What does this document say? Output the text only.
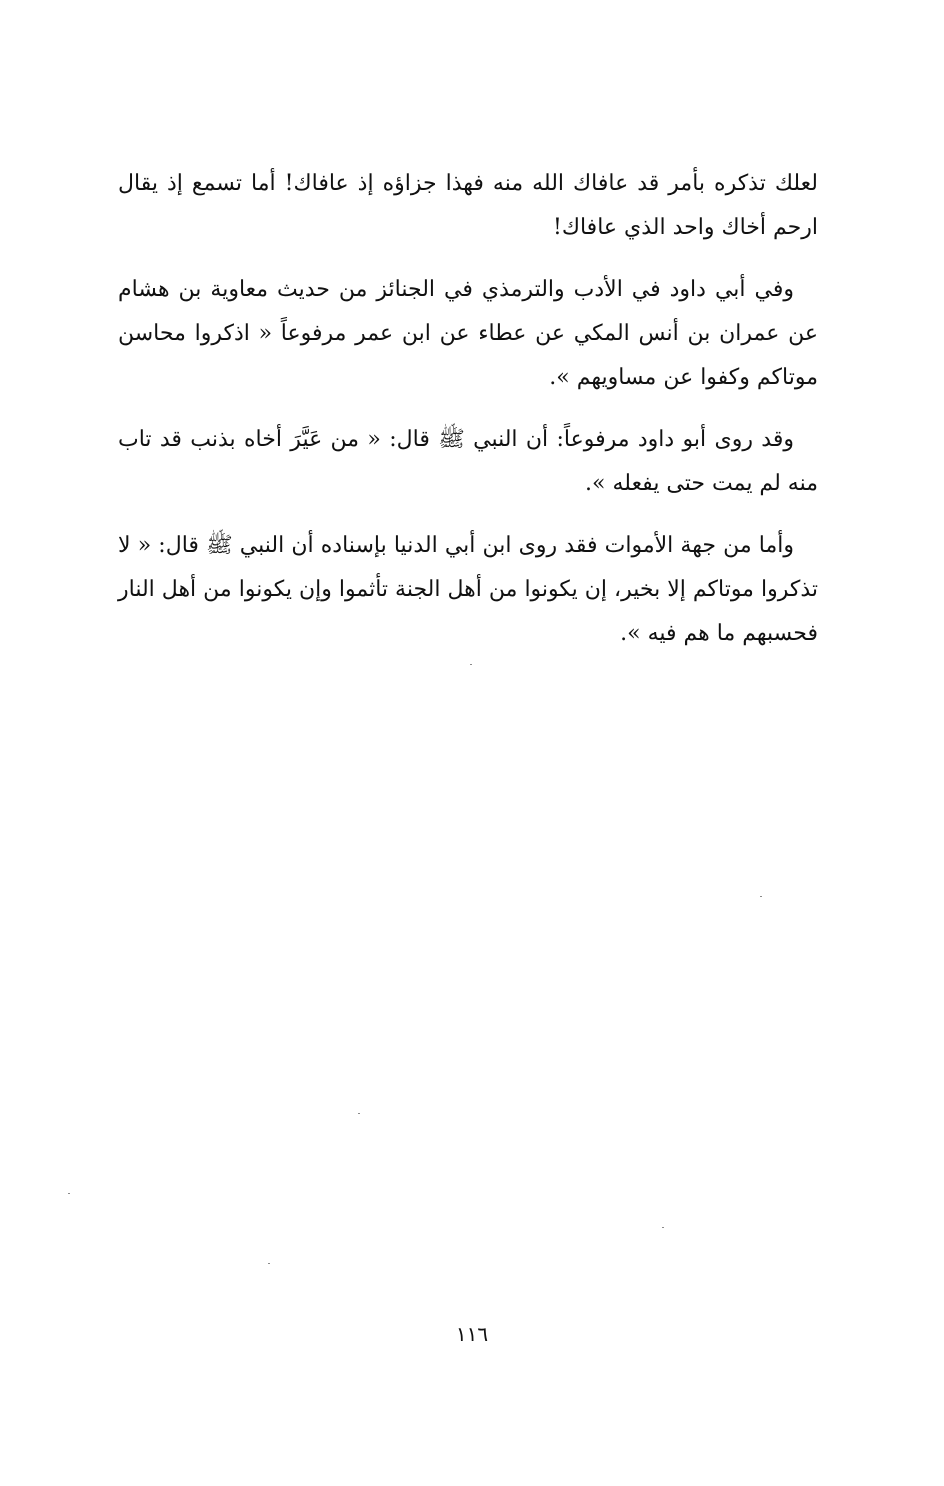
لعلك تذكره بأمر قد عافاك الله منه فهذا جزاؤه إذ عافاك! أما تسمع إذ يقال ارحم أخاك واحد الذي عافاك!

وفي أبي داود في الأدب والترمذي في الجنائز من حديث معاوية بن هشام عن عمران بن أنس المكي عن عطاء عن ابن عمر مرفوعاً « اذكروا محاسن موتاكم وكفوا عن مساويهم ».

وقد روى أبو داود مرفوعاً: أن النبي ﷺ قال: « من عَيَّرَ أخاه بذنب قد تاب منه لم يمت حتى يفعله ».

وأما من جهة الأموات فقد روى ابن أبي الدنيا بإسناده أن النبي ﷺ قال: « لا تذكروا موتاكم إلا بخير، إن يكونوا من أهل الجنة تأثموا وإن يكونوا من أهل النار فحسبهم ما هم فيه ».

١١٦
